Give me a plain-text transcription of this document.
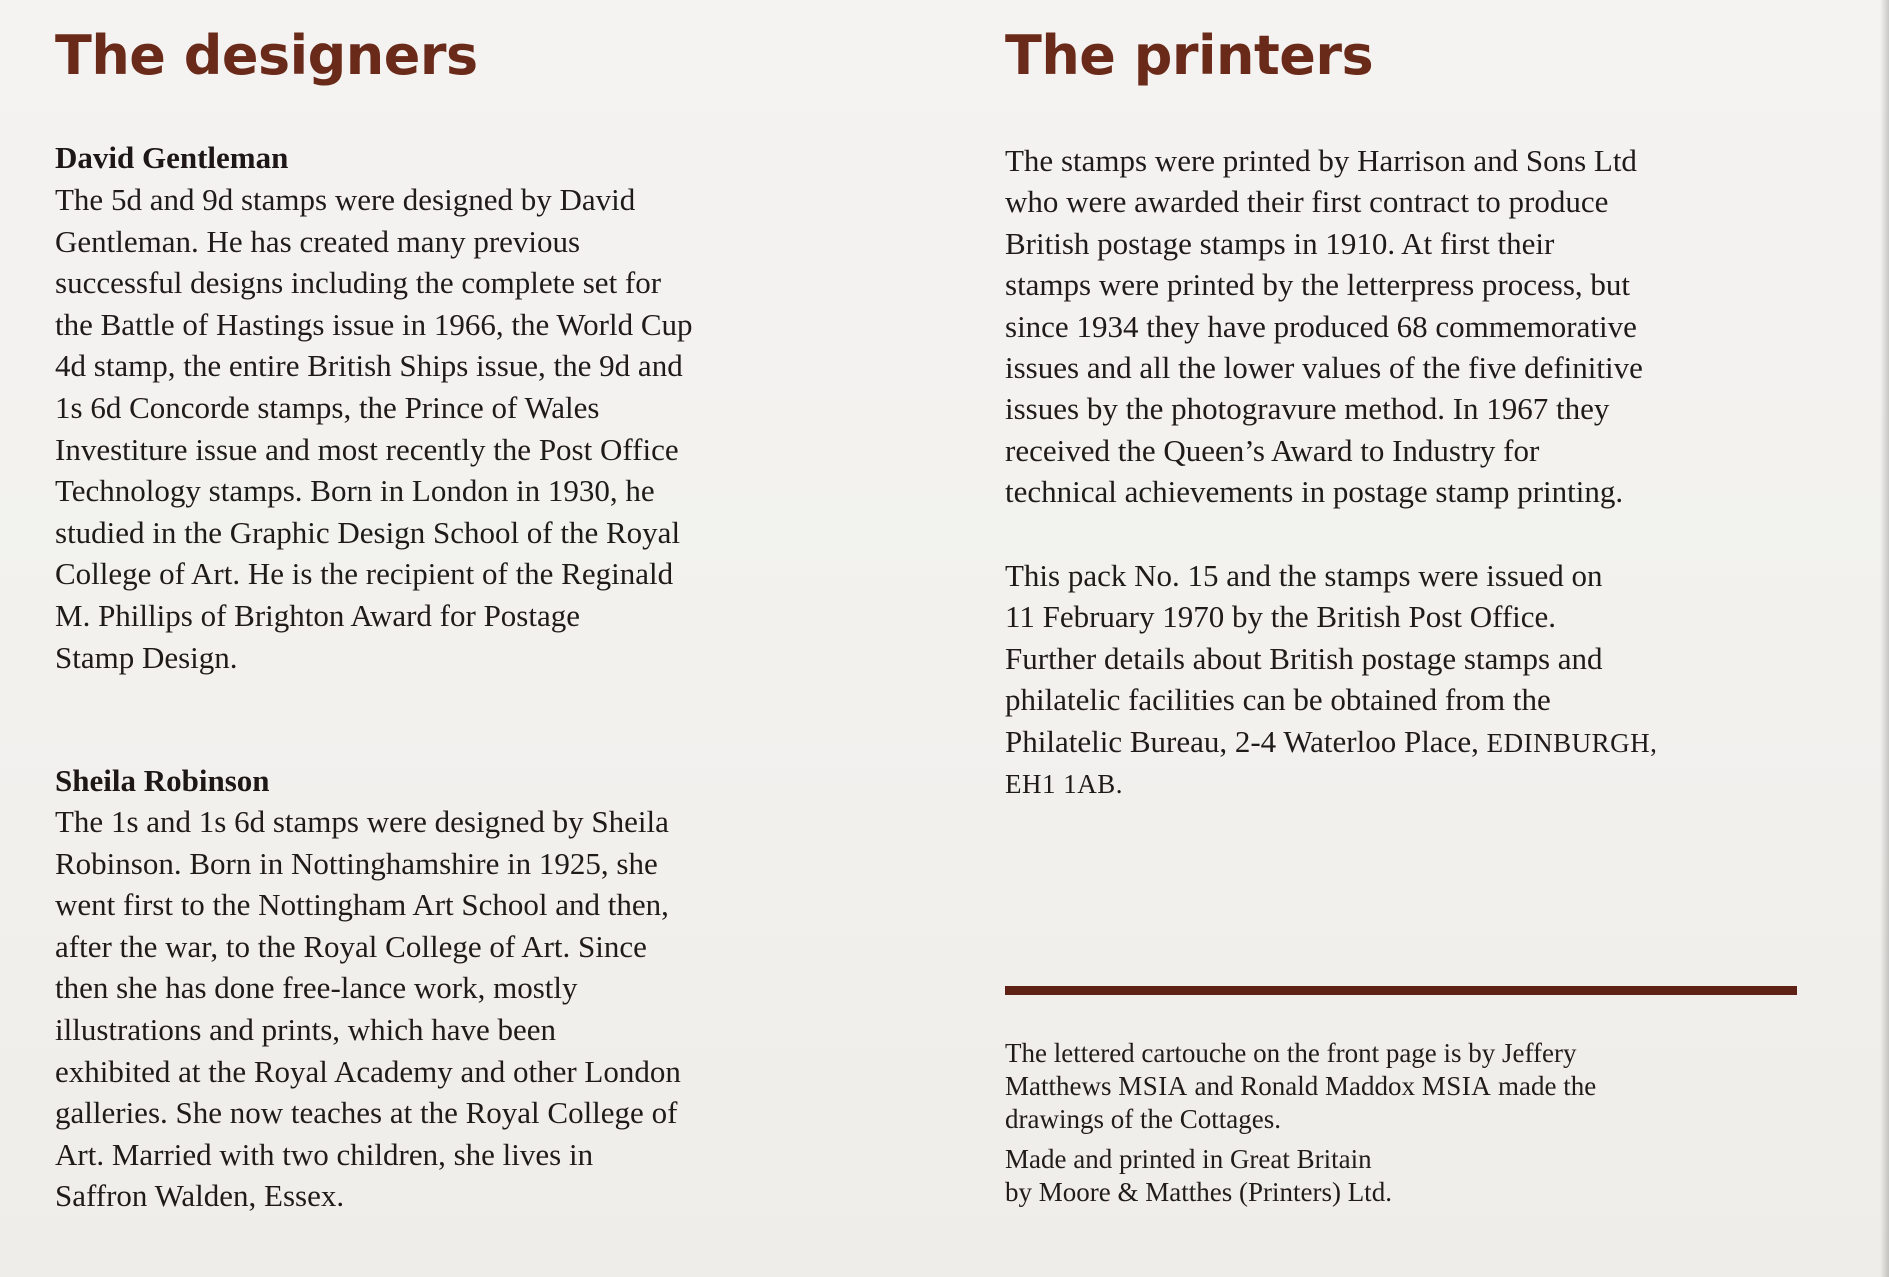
The designers
David Gentleman
The 5d and 9d stamps were designed by David
Gentleman. He has created many previous
successful designs including the complete set for
the Battle of Hastings issue in 1966, the World Cup
4d stamp, the entire British Ships issue, the 9d and
1s 6d Concorde stamps, the Prince of Wales
Investiture issue and most recently the Post Office
Technology stamps. Born in London in 1930, he
studied in the Graphic Design School of the Royal
College of Art. He is the recipient of the Reginald
M. Phillips of Brighton Award for Postage
Stamp Design.
Sheila Robinson
The 1s and 1s 6d stamps were designed by Sheila
Robinson. Born in Nottinghamshire in 1925, she
went first to the Nottingham Art School and then,
after the war, to the Royal College of Art. Since
then she has done free-lance work, mostly
illustrations and prints, which have been
exhibited at the Royal Academy and other London
galleries. She now teaches at the Royal College of
Art. Married with two children, she lives in
Saffron Walden, Essex.
The printers
The stamps were printed by Harrison and Sons Ltd
who were awarded their first contract to produce
British postage stamps in 1910. At first their
stamps were printed by the letterpress process, but
since 1934 they have produced 68 commemorative
issues and all the lower values of the five definitive
issues by the photogravure method. In 1967 they
received the Queen’s Award to Industry for
technical achievements in postage stamp printing.
This pack No. 15 and the stamps were issued on
11 February 1970 by the British Post Office.
Further details about British postage stamps and
philatelic facilities can be obtained from the
Philatelic Bureau, 2-4 Waterloo Place, EDINBURGH,
EH1 1AB.
The lettered cartouche on the front page is by Jeffery
Matthews MSIA and Ronald Maddox MSIA made the
drawings of the Cottages.
Made and printed in Great Britain
by Moore & Matthes (Printers) Ltd.
